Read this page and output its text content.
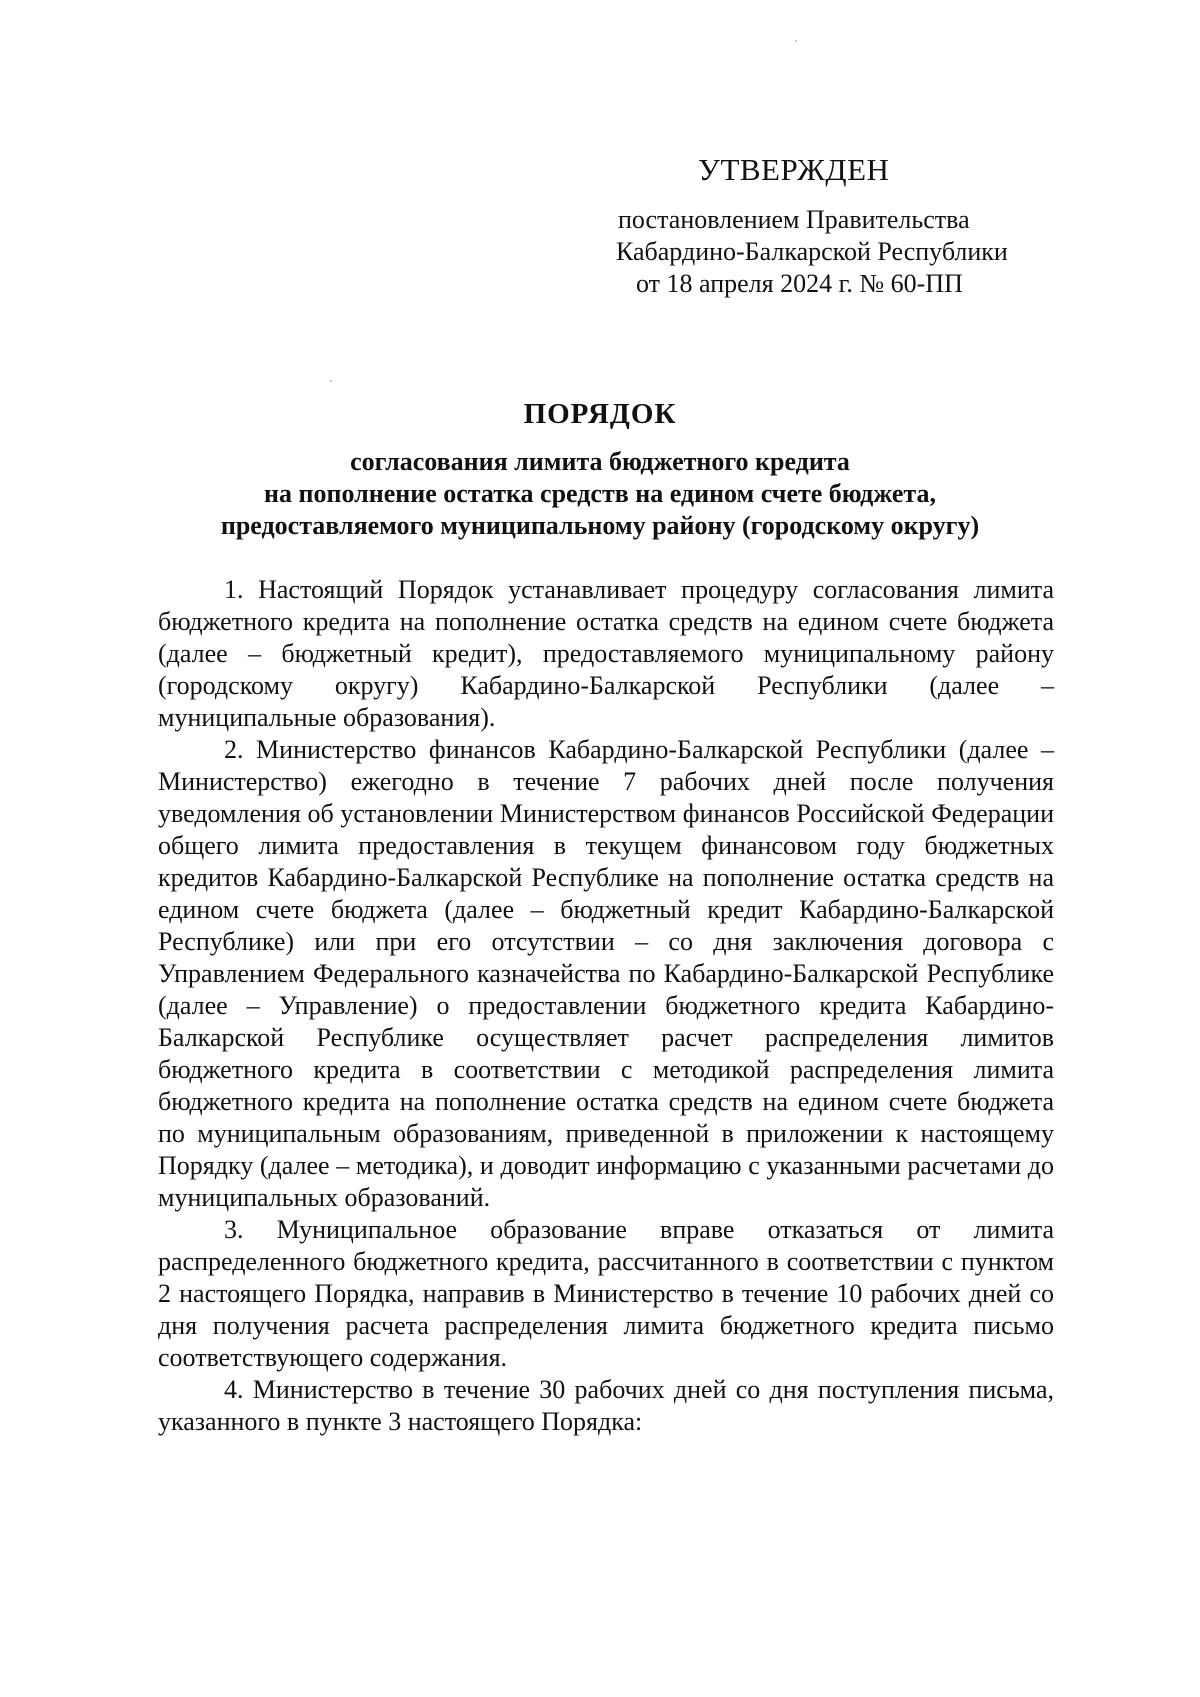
УТВЕРЖДЕН
постановлением Правительства
Кабардино-Балкарской Республики
от 18 апреля 2024 г. № 60-ПП
ПОРЯДОК
согласования лимита бюджетного кредита
на пополнение остатка средств на едином счете бюджета,
предоставляемого муниципальному району (городскому округу)

1. Настоящий Порядок устанавливает процедуру согласования лимита бюджетного кредита на пополнение остатка средств на едином счете бюджета (далее – бюджетный кредит), предоставляемого муниципальному району (городскому округу) Кабардино-Балкарской Республики (далее – муниципальные образования).

2. Министерство финансов Кабардино-Балкарской Республики (далее – Министерство) ежегодно в течение 7 рабочих дней после получения уведомления об установлении Министерством финансов Российской Федерации общего лимита предоставления в текущем финансовом году бюджетных кредитов Кабардино-Балкарской Республике на пополнение остатка средств на едином счете бюджета (далее – бюджетный кредит Кабардино-Балкарской Республике) или при его отсутствии – со дня заключения договора с Управлением Федерального казначейства по Кабардино-Балкарской Республике (далее – Управление) о предоставлении бюджетного кредита Кабардино-Балкарской Республике осуществляет расчет распределения лимитов бюджетного кредита в соответствии с методикой распределения лимита бюджетного кредита на пополнение остатка средств на едином счете бюджета по муниципальным образованиям, приведенной в приложении к настоящему Порядку (далее – методика), и доводит информацию с указанными расчетами до муниципальных образований.

3. Муниципальное образование вправе отказаться от лимита распределенного бюджетного кредита, рассчитанного в соответствии с пунктом 2 настоящего Порядка, направив в Министерство в течение 10 рабочих дней со дня получения расчета распределения лимита бюджетного кредита письмо соответствующего содержания.

4. Министерство в течение 30 рабочих дней со дня поступления письма, указанного в пункте 3 настоящего Порядка:
